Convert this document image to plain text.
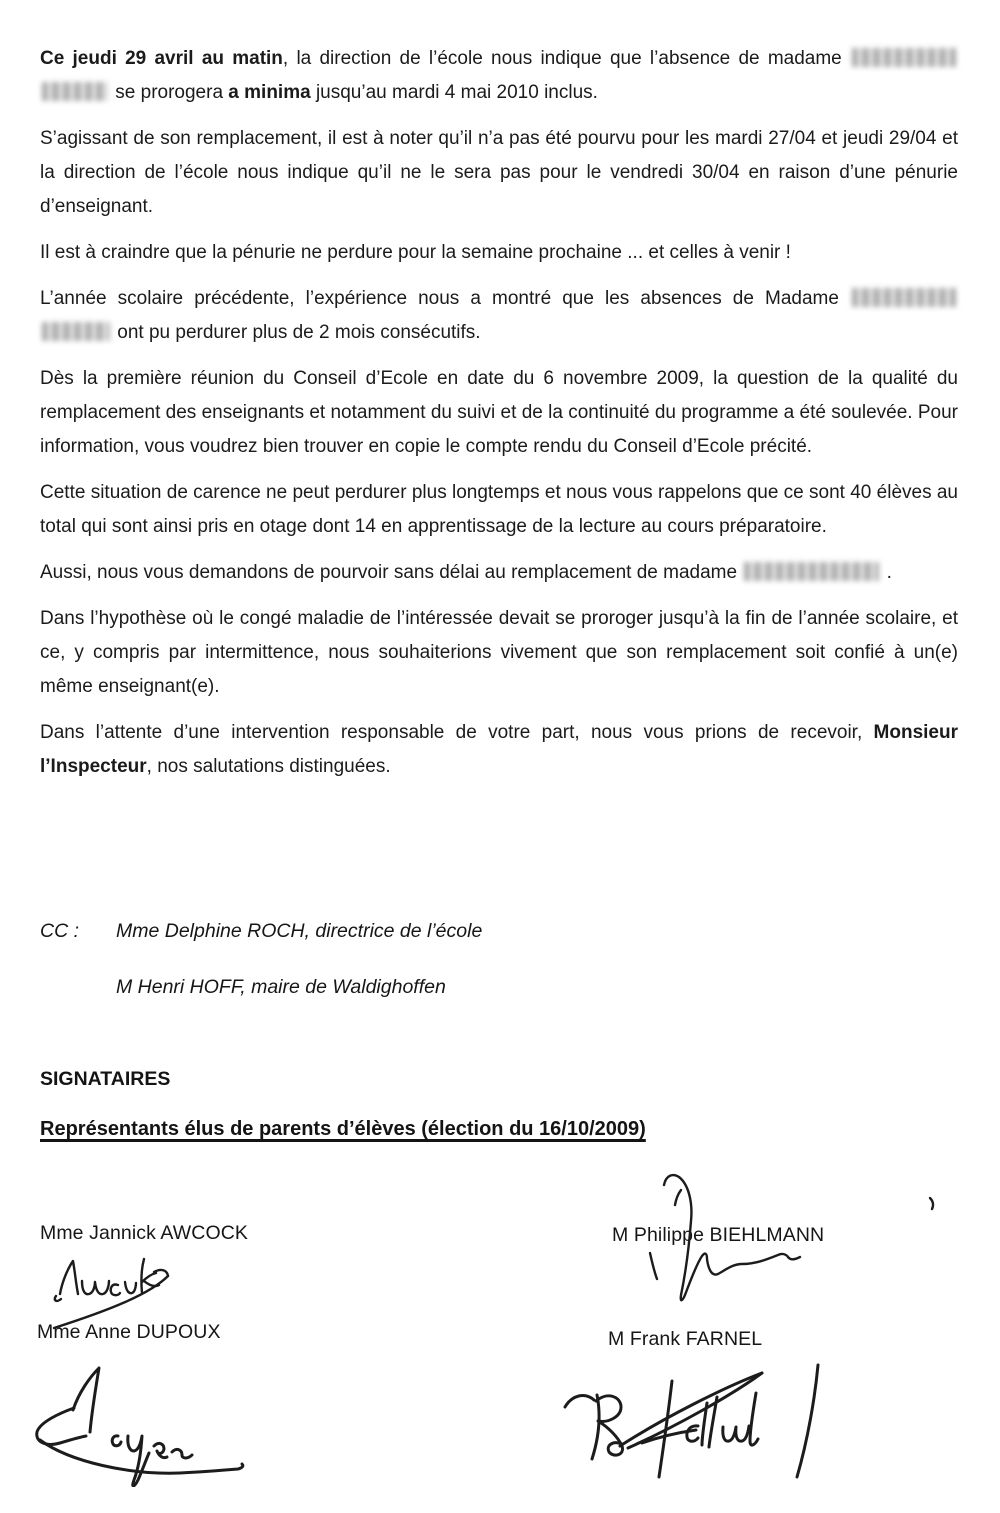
Ce jeudi 29 avril au matin, la direction de l’école nous indique que l’absence de madame   se prorogera a minima jusqu’au mardi 4 mai 2010 inclus.

S’agissant de son remplacement, il est à noter qu’il n’a pas été pourvu pour les mardi 27/04 et jeudi 29/04 et la direction de l’école nous indique qu’il ne le sera pas pour le vendredi 30/04 en raison d’une pénurie d’enseignant.

Il est à craindre que la pénurie ne perdure pour la semaine prochaine ... et celles à venir !

L’année scolaire précédente, l’expérience nous a montré que les absences de Madame   ont pu perdurer plus de 2 mois consécutifs.

Dès la première réunion du Conseil d’Ecole en date du 6 novembre 2009, la question de la qualité du remplacement des enseignants et notamment du suivi et de la continuité du programme a été soulevée. Pour information, vous voudrez bien trouver en copie le compte rendu du Conseil d’Ecole précité.

Cette situation de carence ne peut perdurer plus longtemps et nous vous rappelons que ce sont 40 élèves au total qui sont ainsi pris en otage dont 14 en apprentissage de la lecture au cours préparatoire.

Aussi, nous vous demandons de pourvoir sans délai au remplacement de madame	.

Dans l’hypothèse où le congé maladie de l’intéressée devait se proroger jusqu’à la fin de l’année scolaire, et ce, y compris par intermittence, nous souhaiterions vivement que son remplacement soit confié à un(e) même enseignant(e).

Dans l’attente d’une intervention responsable de votre part, nous vous prions de recevoir, Monsieur l’Inspecteur, nos salutations distinguées.

CC :	Mme Delphine ROCH, directrice de l’école
M Henri HOFF, maire de Waldighoffen
SIGNATAIRES
Représentants élus de parents d’élèves (élection du 16/10/2009)
Mme Jannick AWCOCK	M Philippe BIEHLMANN
Mme Anne DUPOUX	M Frank FARNEL
